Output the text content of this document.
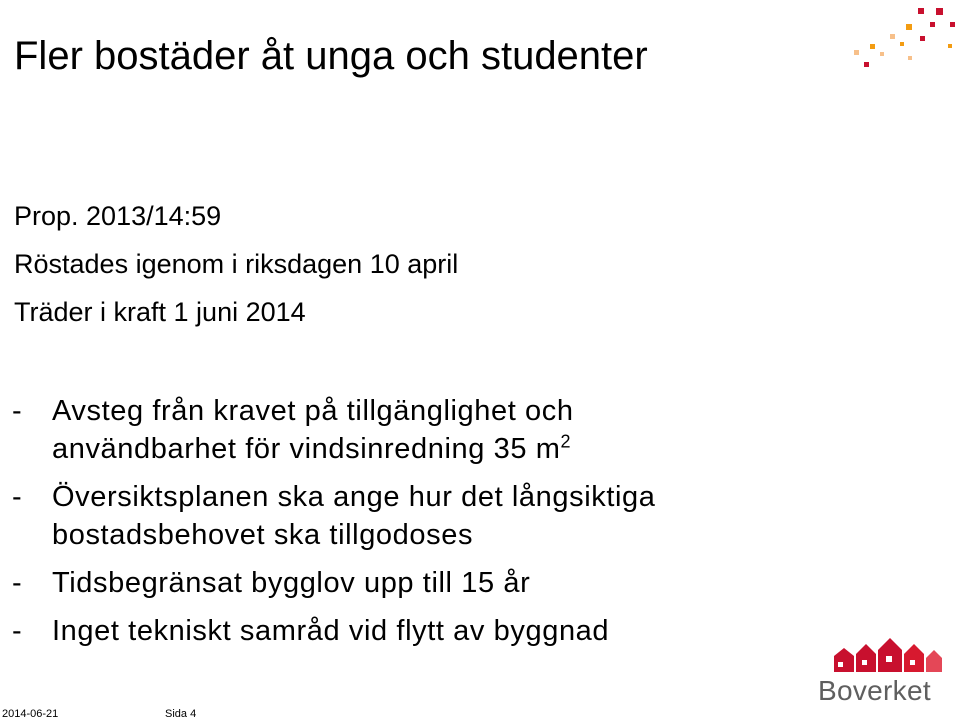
Fler bostäder åt unga och studenter
Prop. 2013/14:59
Röstades igenom i riksdagen 10 april
Träder i kraft 1 juni 2014
-	Avsteg från kravet på tillgänglighet och användbarhet för vindsinredning 35 $m^2$
-	Översiktsplanen ska ange hur det långsiktiga bostadsbehovet ska tillgodoses
-	Tidsbegränsat bygglov upp till 15 år
-	Inget tekniskt samråd vid flytt av byggnad
Boverket
2014-06-21	Sida 4
